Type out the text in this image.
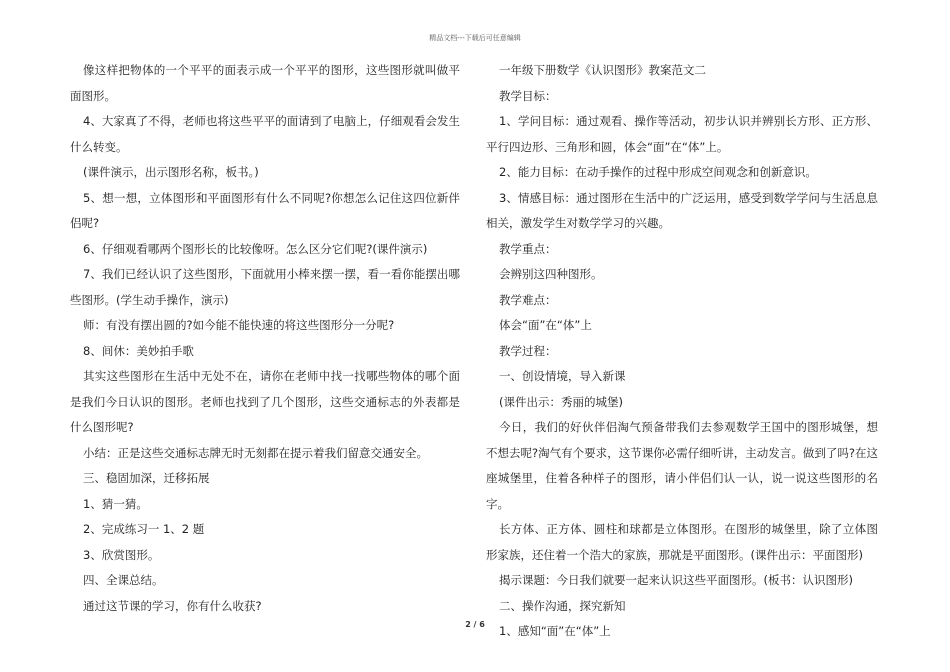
精品文档---下载后可任意编辑

像这样把物体的一个平平的面表示成一个平平的图形，这些图形就叫做平面图形。

4、大家真了不得，老师也将这些平平的面请到了电脑上，仔细观看会发生什么转变。

(课件演示，出示图形名称，板书。)

5、想一想，立体图形和平面图形有什么不同呢?你想怎么记住这四位新伴侣呢?

6、仔细观看哪两个图形长的比较像呀。怎么区分它们呢?(课件演示)

7、我们已经认识了这些图形，下面就用小棒来摆一摆，看一看你能摆出哪些图形。(学生动手操作，演示)

师：有没有摆出圆的?如今能不能快速的将这些图形分一分呢?

8、间休：美妙拍手歌

其实这些图形在生活中无处不在，请你在老师中找一找哪些物体的哪个面是我们今日认识的图形。老师也找到了几个图形，这些交通标志的外表都是什么图形呢?

小结：正是这些交通标志牌无时无刻都在提示着我们留意交通安全。

三、稳固加深，迁移拓展

1、猜一猜。

2、完成练习一 1、2 题

3、欣赏图形。

四、全课总结。

通过这节课的学习，你有什么收获?

一年级下册数学《认识图形》教案范文二

教学目标：

1、学问目标：通过观看、操作等活动，初步认识并辨别长方形、正方形、平行四边形、三角形和圆，体会“面”在“体”上。

2、能力目标：在动手操作的过程中形成空间观念和创新意识。

3、情感目标：通过图形在生活中的广泛运用，感受到数学学问与生活息息相关，激发学生对数学学习的兴趣。

教学重点：

会辨别这四种图形。

教学难点：

体会“面”在“体”上

教学过程：

一、创设情境，导入新课

(课件出示：秀丽的城堡)

今日，我们的好伙伴侣淘气预备带我们去参观数学王国中的图形城堡，想不想去呢?淘气有个要求，这节课你必需仔细听讲，主动发言。做到了吗?在这座城堡里，住着各种样子的图形，请小伴侣们认一认，说一说这些图形的名字。

长方体、正方体、圆柱和球都是立体图形。在图形的城堡里，除了立体图形家族，还住着一个浩大的家族，那就是平面图形。(课件出示：平面图形)

揭示课题：今日我们就要一起来认识这些平面图形。(板书：认识图形)

二、操作沟通，探究新知

1、感知“面”在“体”上

2 / 6
